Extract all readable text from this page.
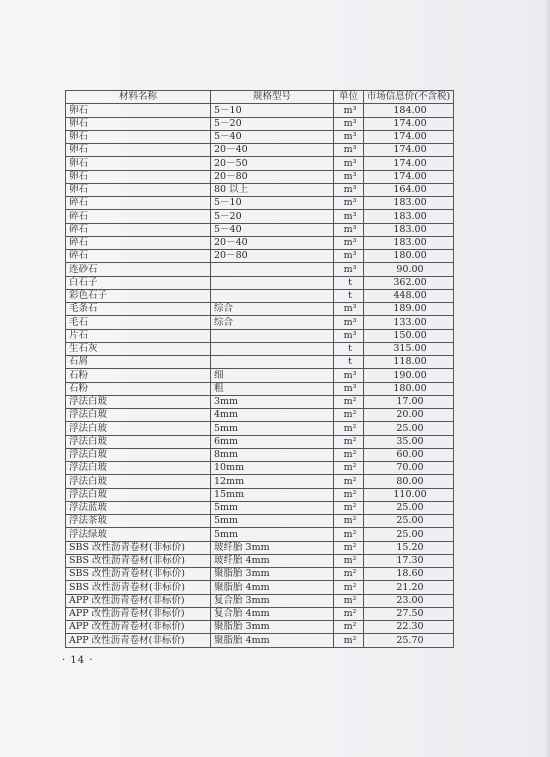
材料名称	规格型号	单位	市场信息价(不含税)
卵石	5－10	m³	184.00
卵石	5－20	m³	174.00
卵石	5－40	m³	174.00
卵石	20－40	m³	174.00
卵石	20－50	m³	174.00
卵石	20－80	m³	174.00
卵石	80 以上	m³	164.00
碎石	5－10	m³	183.00
碎石	5－20	m³	183.00
碎石	5－40	m³	183.00
碎石	20－40	m³	183.00
碎石	20－80	m³	180.00
连砂石		m³	90.00
白石子		t	362.00
彩色石子		t	448.00
毛条石	综合	m³	189.00
毛石	综合	m³	133.00
片石		m³	150.00
生石灰		t	315.00
石屑		t	118.00
石粉	细	m³	190.00
石粉	粗	m³	180.00
浮法白玻	3mm	m²	17.00
浮法白玻	4mm	m²	20.00
浮法白玻	5mm	m²	25.00
浮法白玻	6mm	m²	35.00
浮法白玻	8mm	m²	60.00
浮法白玻	10mm	m²	70.00
浮法白玻	12mm	m²	80.00
浮法白玻	15mm	m²	110.00
浮法蓝玻	5mm	m²	25.00
浮法茶玻	5mm	m²	25.00
浮法绿玻	5mm	m²	25.00
SBS 改性沥青卷材(非标价)	玻纤胎 3mm	m²	15.20
SBS 改性沥青卷材(非标价)	玻纤胎 4mm	m²	17.30
SBS 改性沥青卷材(非标价)	聚脂胎 3mm	m²	18.60
SBS 改性沥青卷材(非标价)	聚脂胎 4mm	m²	21.20
APP 改性沥青卷材(非标价)	复合胎 3mm	m²	23.00
APP 改性沥青卷材(非标价)	复合胎 4mm	m²	27.50
APP 改性沥青卷材(非标价)	聚脂胎 3mm	m²	22.30
APP 改性沥青卷材(非标价)	聚脂胎 4mm	m²	25.70
· 14 ·
